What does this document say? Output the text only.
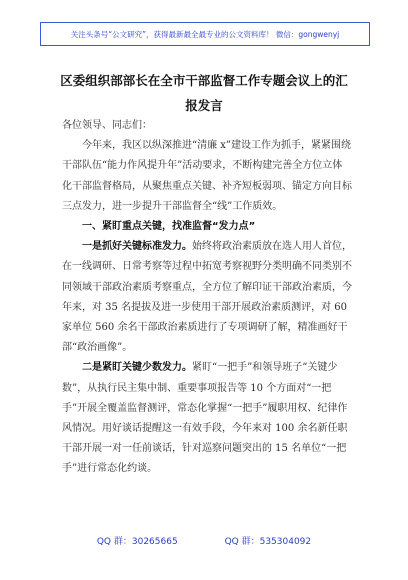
关注头条号“公文研究”，获得最新最全最专业的公文资料库！ 微信：gongwenyj
区委组织部部长在全市干部监督工作专题会议上的汇报发言

各位领导、同志们：

今年来，我区以纵深推进“清廉 x”建设工作为抓手，紧紧围绕干部队伍“能力作风提升年”活动要求，不断构建完善全方位立体化干部监督格局，从聚焦重点关键、补齐短板弱项、锚定方向目标三点发力，进一步提升干部监督全“线”工作质效。

一、紧盯重点关键，找准监督“发力点”

一是抓好关键标准发力。始终将政治素质放在选人用人首位，在一线调研、日常考察等过程中拓宽考察视野分类明确不同类别不同领域干部政治素质考察重点，全方位了解印证干部政治素质，今年来，对 35 名提拔及进一步使用干部开展政治素质测评，对 60 家单位 560 余名干部政治素质进行了专项调研了解，精准画好干部“政治画像”。

二是紧盯关键少数发力。紧盯“一把手”和领导班子“关键少数”，从执行民主集中制、重要事项报告等 10 个方面对“一把手”开展全覆盖监督测评，常态化掌握“一把手”履职用权、纪律作风情况。用好谈话提醒这一有效手段，今年来对 100 余名新任职干部开展一对一任前谈话，针对巡察问题突出的 15 名单位“一把手”进行常态化约谈。

QQ 群：30265665	QQ 群：535304092
